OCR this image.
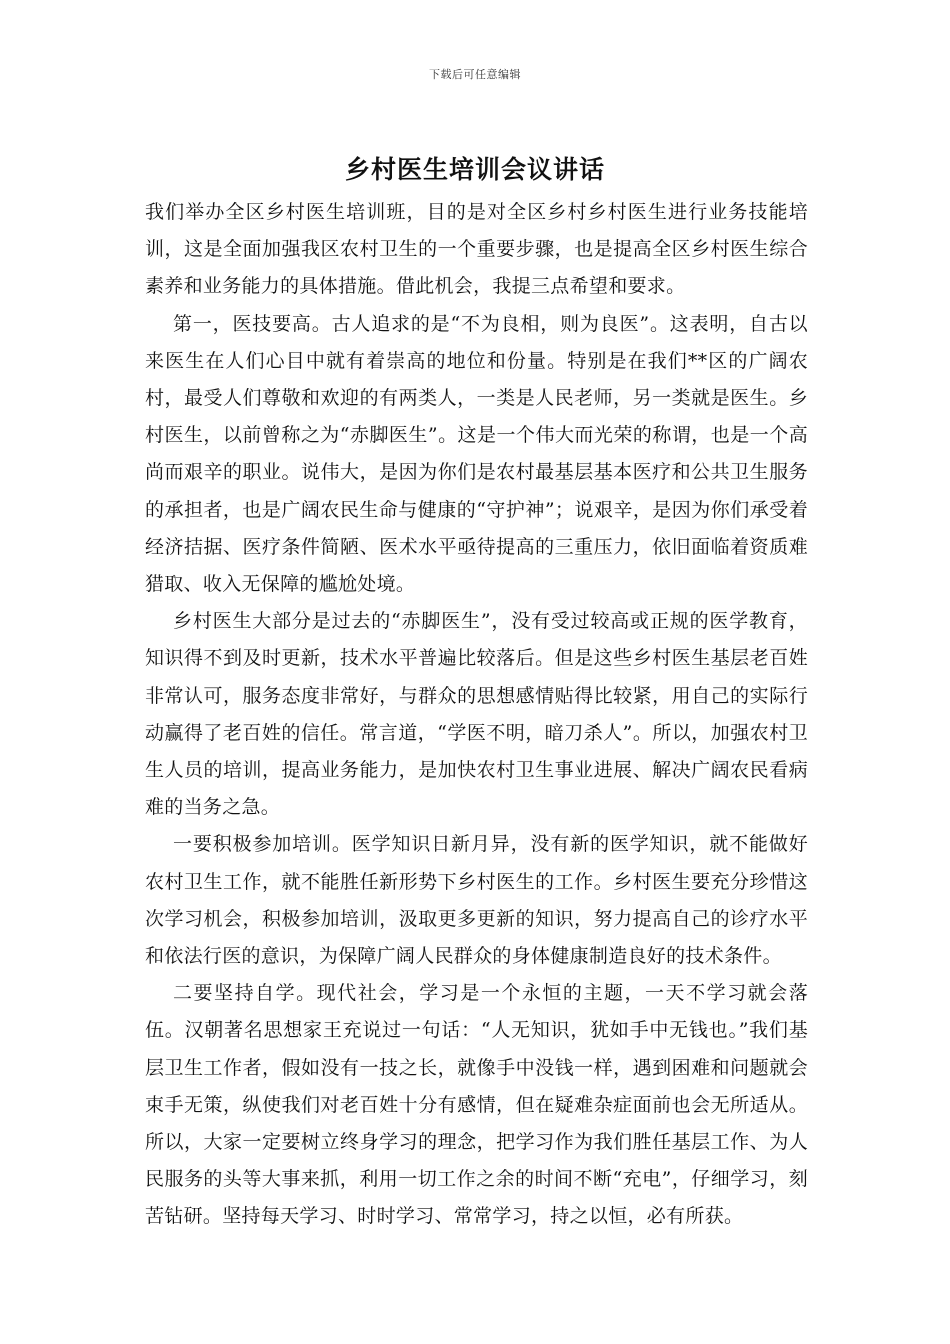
下载后可任意编辑
乡村医生培训会议讲话

我们举办全区乡村医生培训班，目的是对全区乡村乡村医生进行业务技能培训，这是全面加强我区农村卫生的一个重要步骤，也是提高全区乡村医生综合素养和业务能力的具体措施。借此机会，我提三点希望和要求。

第一，医技要高。古人追求的是“不为良相，则为良医”。这表明，自古以来医生在人们心目中就有着崇高的地位和份量。特别是在我们**区的广阔农村，最受人们尊敬和欢迎的有两类人，一类是人民老师，另一类就是医生。乡村医生，以前曾称之为“赤脚医生”。这是一个伟大而光荣的称谓，也是一个高尚而艰辛的职业。说伟大，是因为你们是农村最基层基本医疗和公共卫生服务的承担者，也是广阔农民生命与健康的“守护神”；说艰辛，是因为你们承受着经济拮据、医疗条件简陋、医术水平亟待提高的三重压力，依旧面临着资质难猎取、收入无保障的尴尬处境。

乡村医生大部分是过去的“赤脚医生”，没有受过较高或正规的医学教育，知识得不到及时更新，技术水平普遍比较落后。但是这些乡村医生基层老百姓非常认可，服务态度非常好，与群众的思想感情贴得比较紧，用自己的实际行动赢得了老百姓的信任。常言道，“学医不明，暗刀杀人”。所以，加强农村卫生人员的培训，提高业务能力，是加快农村卫生事业进展、解决广阔农民看病难的当务之急。

一要积极参加培训。医学知识日新月异，没有新的医学知识，就不能做好农村卫生工作，就不能胜任新形势下乡村医生的工作。乡村医生要充分珍惜这次学习机会，积极参加培训，汲取更多更新的知识，努力提高自己的诊疗水平和依法行医的意识，为保障广阔人民群众的身体健康制造良好的技术条件。

二要坚持自学。现代社会，学习是一个永恒的主题，一天不学习就会落伍。汉朝著名思想家王充说过一句话：“人无知识，犹如手中无钱也。”我们基层卫生工作者，假如没有一技之长，就像手中没钱一样，遇到困难和问题就会束手无策，纵使我们对老百姓十分有感情，但在疑难杂症面前也会无所适从。所以，大家一定要树立终身学习的理念，把学习作为我们胜任基层工作、为人民服务的头等大事来抓，利用一切工作之余的时间不断“充电”，仔细学习，刻苦钻研。坚持每天学习、时时学习、常常学习，持之以恒，必有所获。
